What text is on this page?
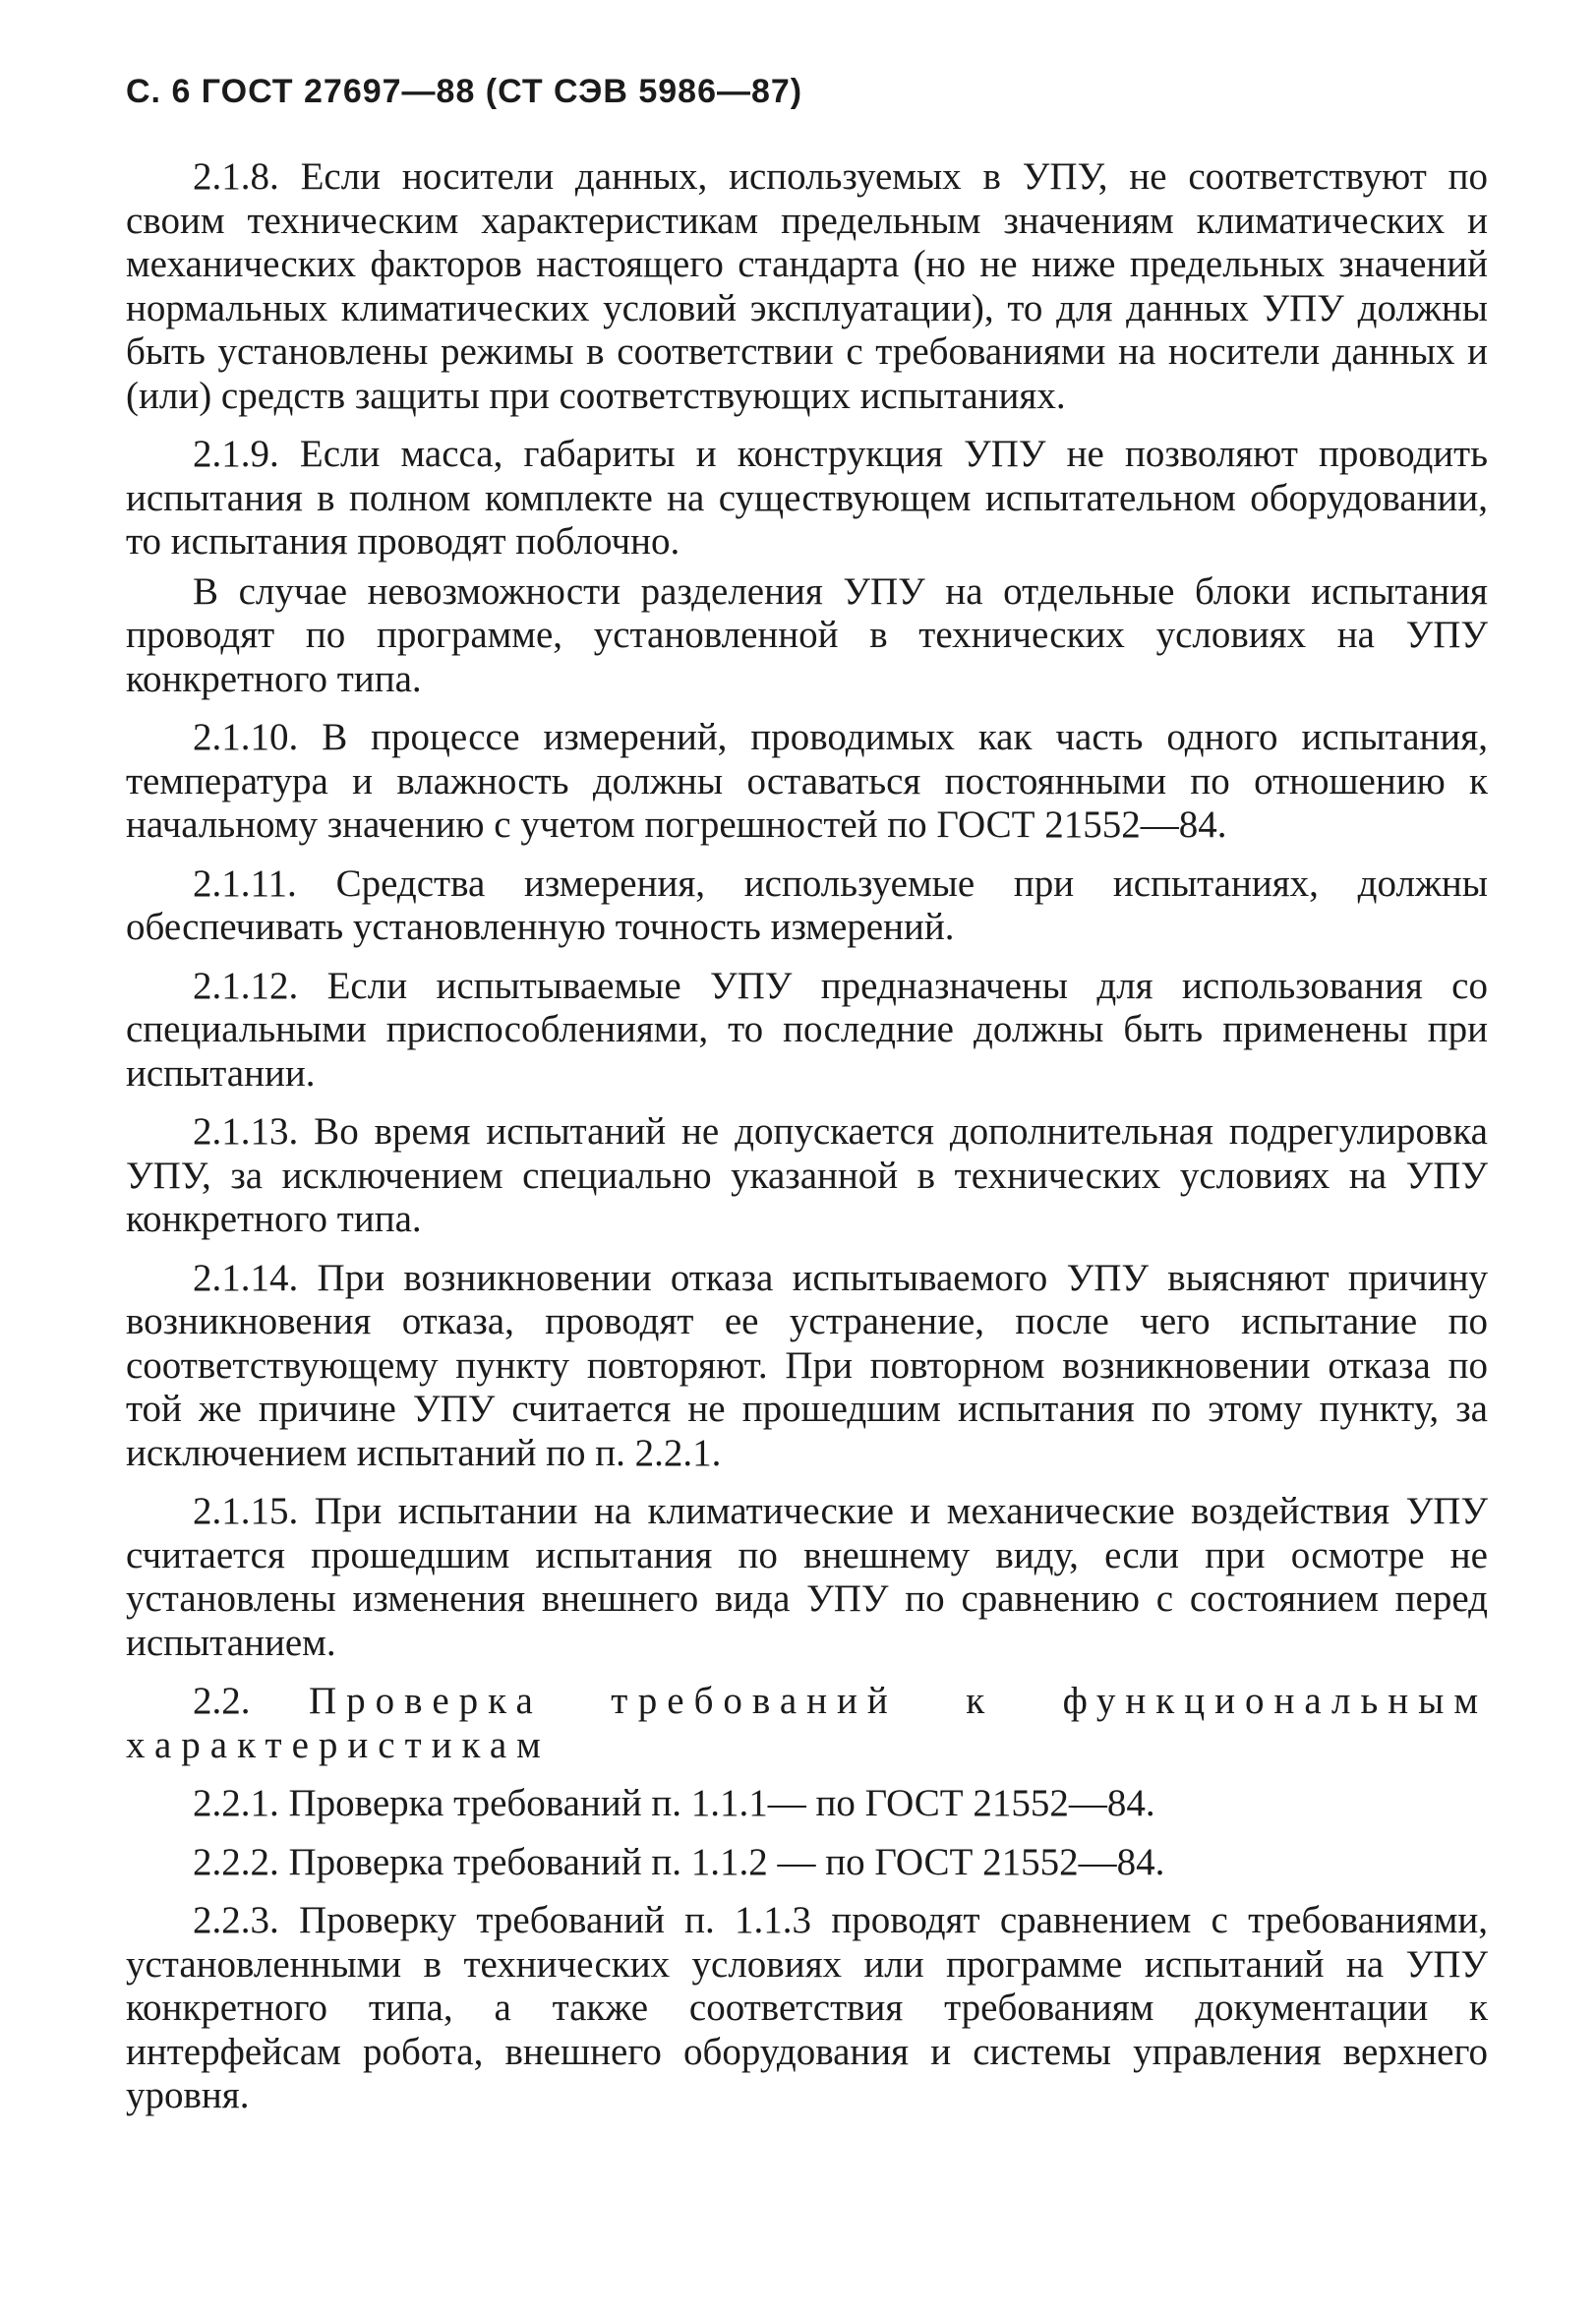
С. 6 ГОСТ 27697—88 (СТ СЭВ 5986—87)

2.1.8. Если носители данных, используемых в УПУ, не соответствуют по своим техническим характеристикам предельным значениям климатических и механических факторов настоящего стандарта (но не ниже предельных значений нормальных климатических условий эксплуатации), то для данных УПУ должны быть установлены режимы в соответствии с требованиями на носители данных и (или) средств защиты при соответствующих испытаниях.

2.1.9. Если масса, габариты и конструкция УПУ не позволяют проводить испытания в полном комплекте на существующем испытательном оборудовании, то испытания проводят поблочно.

В случае невозможности разделения УПУ на отдельные блоки испытания проводят по программе, установленной в технических условиях на УПУ конкретного типа.

2.1.10. В процессе измерений, проводимых как часть одного испытания, температура и влажность должны оставаться постоянными по отношению к начальному значению с учетом погрешностей по ГОСТ 21552—84.

2.1.11. Средства измерения, используемые при испытаниях, должны обеспечивать установленную точность измерений.

2.1.12. Если испытываемые УПУ предназначены для использования со специальными приспособлениями, то последние должны быть применены при испытании.

2.1.13. Во время испытаний не допускается дополнительная подрегулировка УПУ, за исключением специально указанной в технических условиях на УПУ конкретного типа.

2.1.14. При возникновении отказа испытываемого УПУ выясняют причину возникновения отказа, проводят ее устранение, после чего испытание по соответствующему пункту повторяют. При повторном возникновении отказа по той же причине УПУ считается не прошедшим испытания по этому пункту, за исключением испытаний по п. 2.2.1.

2.1.15. При испытании на климатические и механические воздействия УПУ считается прошедшим испытания по внешнему виду, если при осмотре не установлены изменения внешнего вида УПУ по сравнению с состоянием перед испытанием.

2.2. Проверка требований к функциональным характеристикам

2.2.1. Проверка требований п. 1.1.1— по ГОСТ 21552—84.

2.2.2. Проверка требований п. 1.1.2 — по ГОСТ 21552—84.

2.2.3. Проверку требований п. 1.1.3 проводят сравнением с требованиями, установленными в технических условиях или программе испытаний на УПУ конкретного типа, а также соответствия требованиям документации к интерфейсам робота, внешнего оборудования и системы управления верхнего уровня.
